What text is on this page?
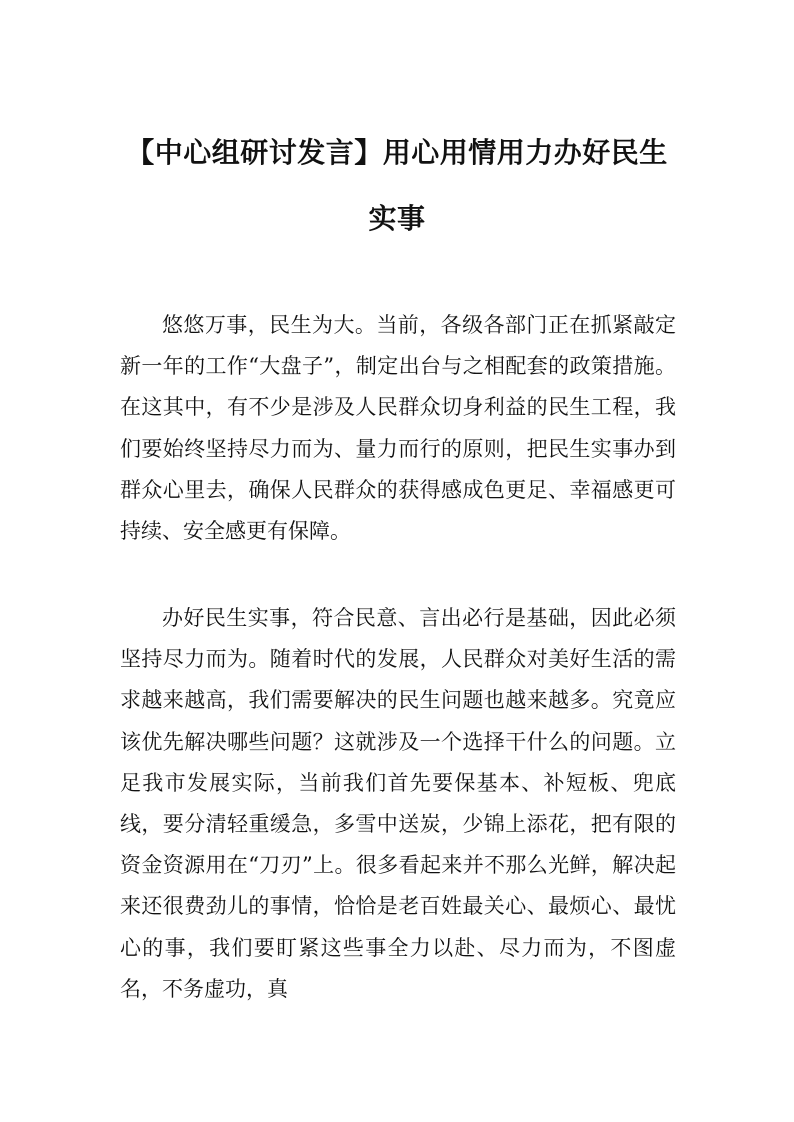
【中心组研讨发言】用心用情用力办好民生
实事

悠悠万事，民生为大。当前，各级各部门正在抓紧敲定新一年的工作“大盘子”，制定出台与之相配套的政策措施。在这其中，有不少是涉及人民群众切身利益的民生工程，我们要始终坚持尽力而为、量力而行的原则，把民生实事办到群众心里去，确保人民群众的获得感成色更足、幸福感更可持续、安全感更有保障。

办好民生实事，符合民意、言出必行是基础，因此必须坚持尽力而为。随着时代的发展，人民群众对美好生活的需求越来越高，我们需要解决的民生问题也越来越多。究竟应该优先解决哪些问题？这就涉及一个选择干什么的问题。立足我市发展实际，当前我们首先要保基本、补短板、兜底线，要分清轻重缓急，多雪中送炭，少锦上添花，把有限的资金资源用在“刀刃”上。很多看起来并不那么光鲜，解决起来还很费劲儿的事情，恰恰是老百姓最关心、最烦心、最忧心的事，我们要盯紧这些事全力以赴、尽力而为，不图虚名，不务虚功，真
